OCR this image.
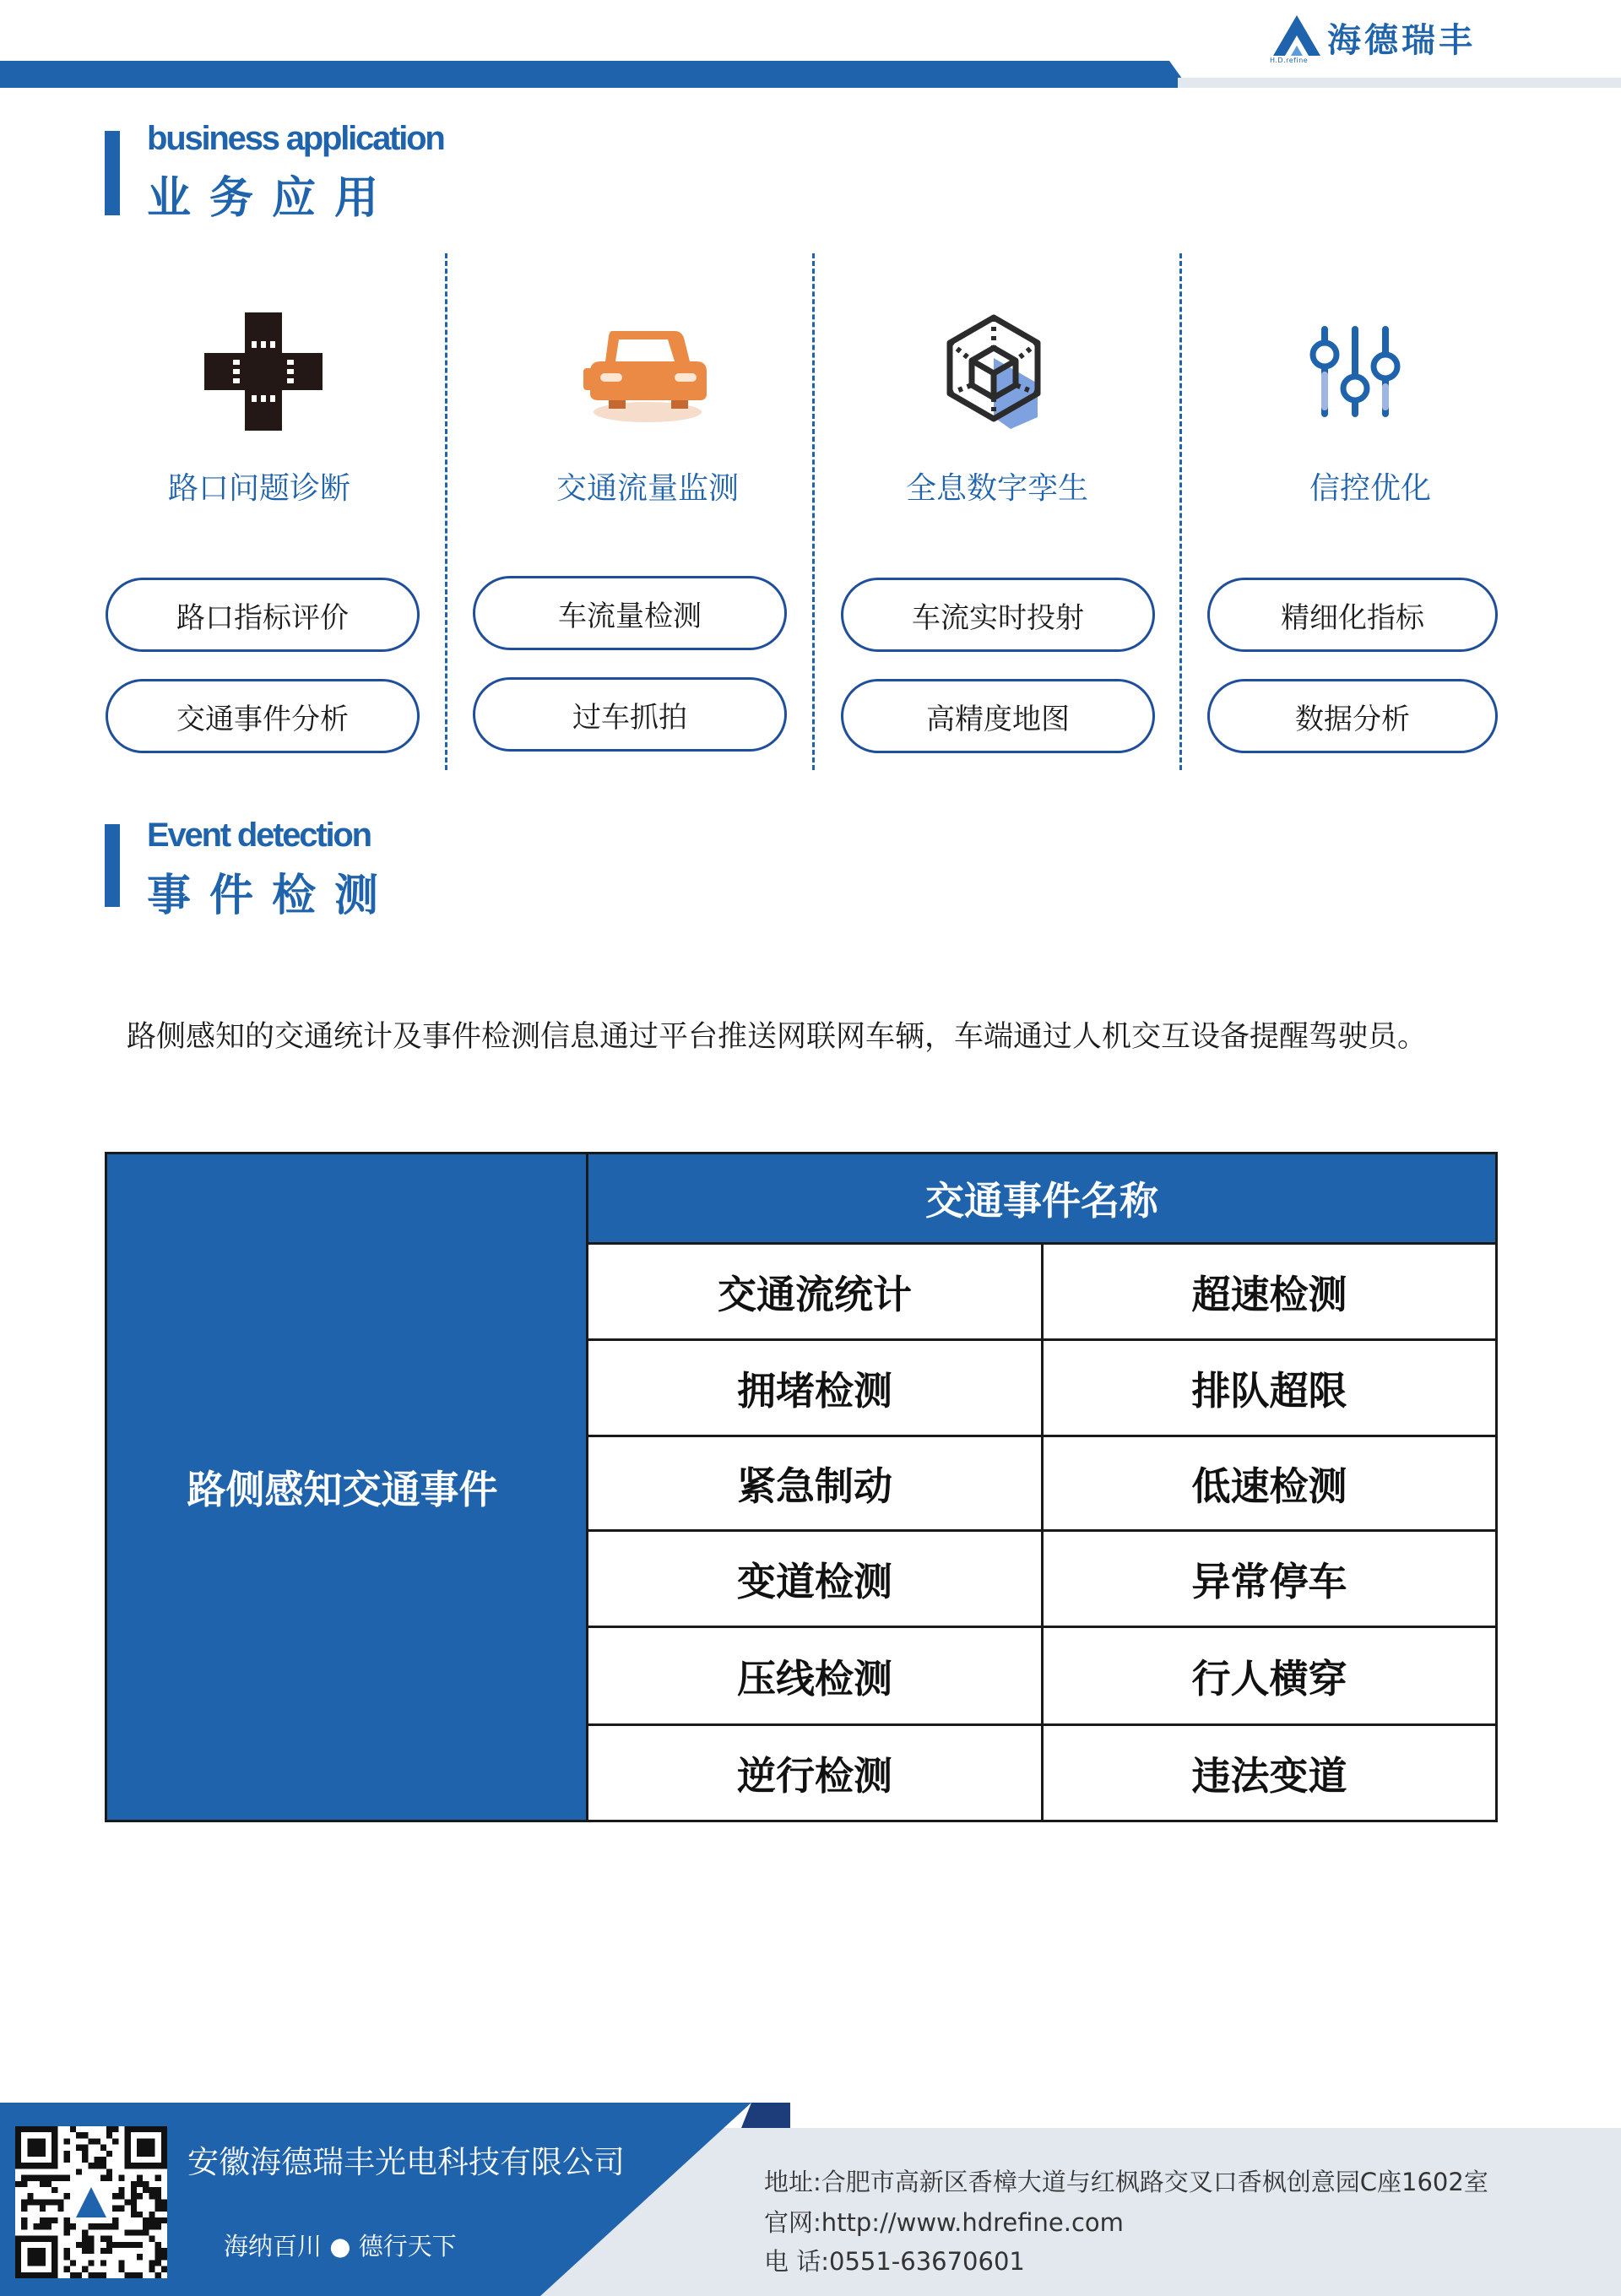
H.D.refine
海德瑞丰
business application
业务应用
路口问题诊断
路口指标评价
交通事件分析
交通流量监测
车流量检测
过车抓拍
全息数字孪生
车流实时投射
高精度地图
信控优化
精细化指标
数据分析
Event detection
事件检测
路侧感知的交通统计及事件检测信息通过平台推送网联网车辆，车端通过人机交互设备提醒驾驶员。
路侧感知交通事件
交通事件名称
交通流统计	超速检测
拥堵检测	排队超限
紧急制动	低速检测
变道检测	异常停车
压线检测	行人横穿
逆行检测	违法变道
安徽海德瑞丰光电科技有限公司
海纳百川 ● 德行天下
地址:合肥市高新区香樟大道与红枫路交叉口香枫创意园C座1602室
官网:http://www.hdrefine.com
电 话:0551-63670601
